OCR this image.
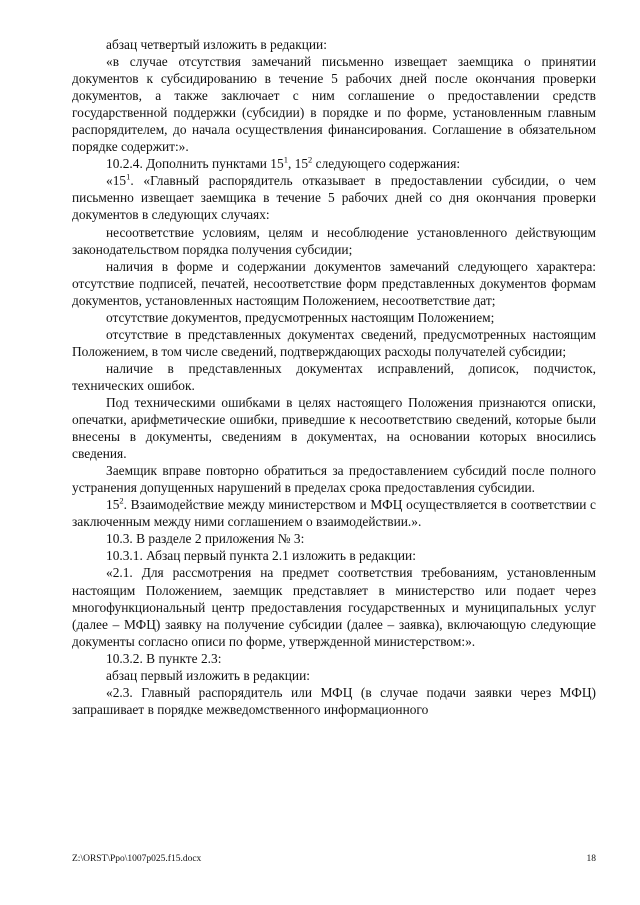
абзац четвертый изложить в редакции:

«в случае отсутствия замечаний письменно извещает заемщика о принятии документов к субсидированию в течение 5 рабочих дней после окончания проверки документов, а также заключает с ним соглашение о предоставлении средств государственной поддержки (субсидии) в порядке и по форме, установленным главным распорядителем, до начала осуществления финансирования. Соглашение в обязательном порядке содержит:».

10.2.4. Дополнить пунктами $15^1$, $15^2$ следующего содержания:

«$15^1$. «Главный распорядитель отказывает в предоставлении субсидии, о чем письменно извещает заемщика в течение 5 рабочих дней со дня окончания проверки документов в следующих случаях:

несоответствие условиям, целям и несоблюдение установленного действующим законодательством порядка получения субсидии;

наличия в форме и содержании документов замечаний следующего характера: отсутствие подписей, печатей, несоответствие форм представленных документов формам документов, установленных настоящим Положением, несоответствие дат;

отсутствие документов, предусмотренных настоящим Положением;

отсутствие в представленных документах сведений, предусмотренных настоящим Положением, в том числе сведений, подтверждающих расходы получателей субсидии;

наличие в представленных документах исправлений, дописок, подчисток, технических ошибок.

Под техническими ошибками в целях настоящего Положения признаются описки, опечатки, арифметические ошибки, приведшие к несоответствию сведений, которые были внесены в документы, сведениям в документах, на основании которых вносились сведения.

Заемщик вправе повторно обратиться за предоставлением субсидий после полного устранения допущенных нарушений в пределах срока предоставления субсидии.

$15^2$. Взаимодействие между министерством и МФЦ осуществляется в соответствии с заключенным между ними соглашением о взаимодействии.».

10.3. В разделе 2 приложения № 3:

10.3.1. Абзац первый пункта 2.1 изложить в редакции:

«2.1. Для рассмотрения на предмет соответствия требованиям, установленным настоящим Положением, заемщик представляет в министерство или подает через многофункциональный центр предоставления государственных и муниципальных услуг (далее – МФЦ) заявку на получение субсидии (далее – заявка), включающую следующие документы согласно описи по форме, утвержденной министерством:».

10.3.2. В пункте 2.3:

абзац первый изложить в редакции:

«2.3. Главный распорядитель или МФЦ (в случае подачи заявки через МФЦ) запрашивает в порядке межведомственного информационного

Z:\ORST\Ppo\1007p025.f15.docx	18
